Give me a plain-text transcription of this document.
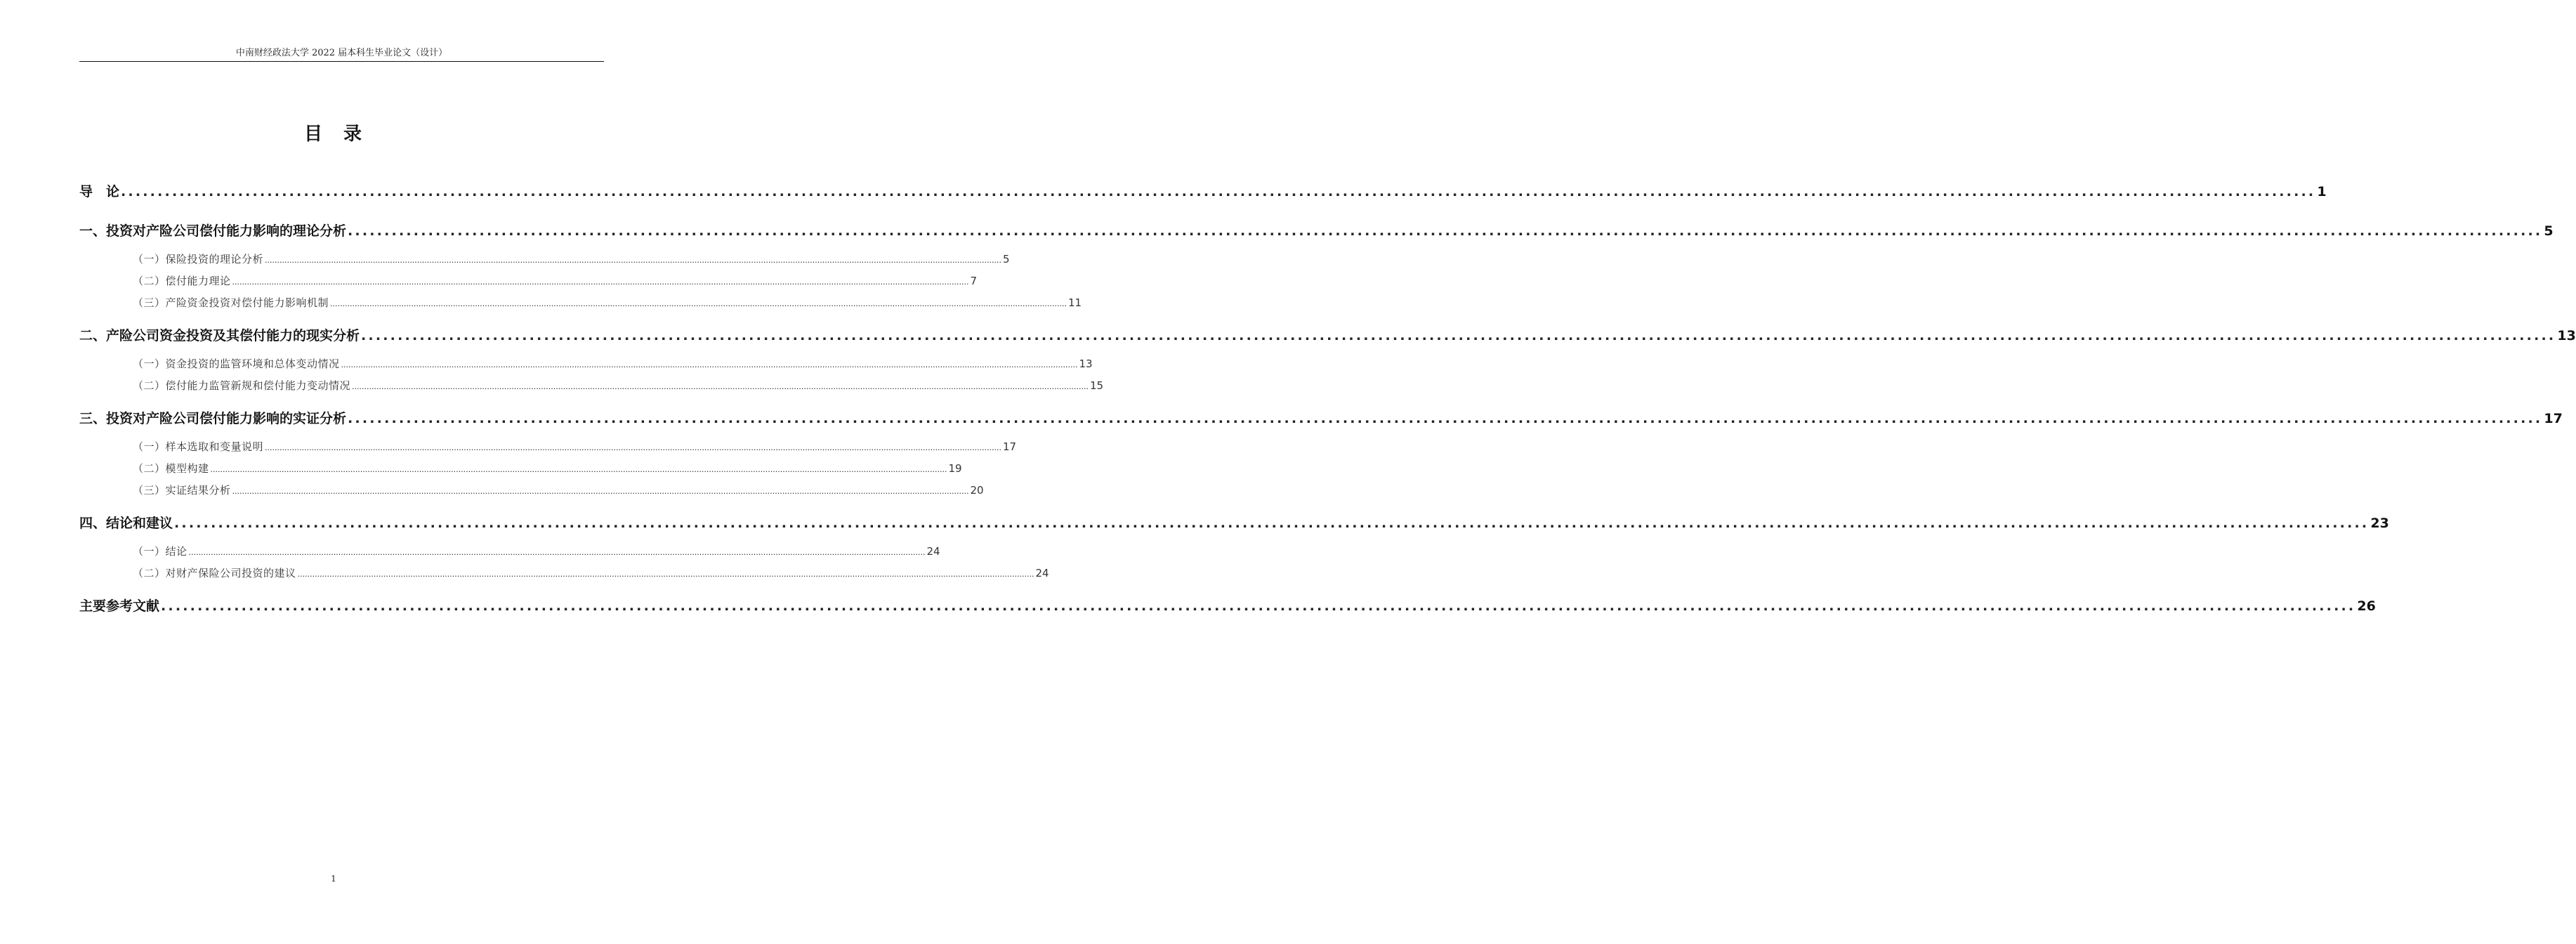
中南财经政法大学 2022 届本科生毕业论文（设计）
目　录
导　论 ............................................................................................................................................................................................................................................................................................................ 1
一、投资对产险公司偿付能力影响的理论分析 ............................................................................................................................................................................................................................................................................................................ 5
（一）保险投资的理论分析 ............................................................................................................................................................................................................................................................................................................ 5
（二）偿付能力理论 ............................................................................................................................................................................................................................................................................................................ 7
（三）产险资金投资对偿付能力影响机制 ............................................................................................................................................................................................................................................................................................................ 11
二、产险公司资金投资及其偿付能力的现实分析 ............................................................................................................................................................................................................................................................................................................ 13
（一）资金投资的监管环境和总体变动情况 ............................................................................................................................................................................................................................................................................................................ 13
（二）偿付能力监管新规和偿付能力变动情况 ............................................................................................................................................................................................................................................................................................................ 15
三、投资对产险公司偿付能力影响的实证分析 ............................................................................................................................................................................................................................................................................................................ 17
（一）样本选取和变量说明 ............................................................................................................................................................................................................................................................................................................ 17
（二）模型构建 ............................................................................................................................................................................................................................................................................................................ 19
（三）实证结果分析 ............................................................................................................................................................................................................................................................................................................ 20
四、结论和建议 ............................................................................................................................................................................................................................................................................................................ 23
（一）结论 ............................................................................................................................................................................................................................................................................................................ 24
（二）对财产保险公司投资的建议 ............................................................................................................................................................................................................................................................................................................ 24
主要参考文献 ............................................................................................................................................................................................................................................................................................................ 26
1
